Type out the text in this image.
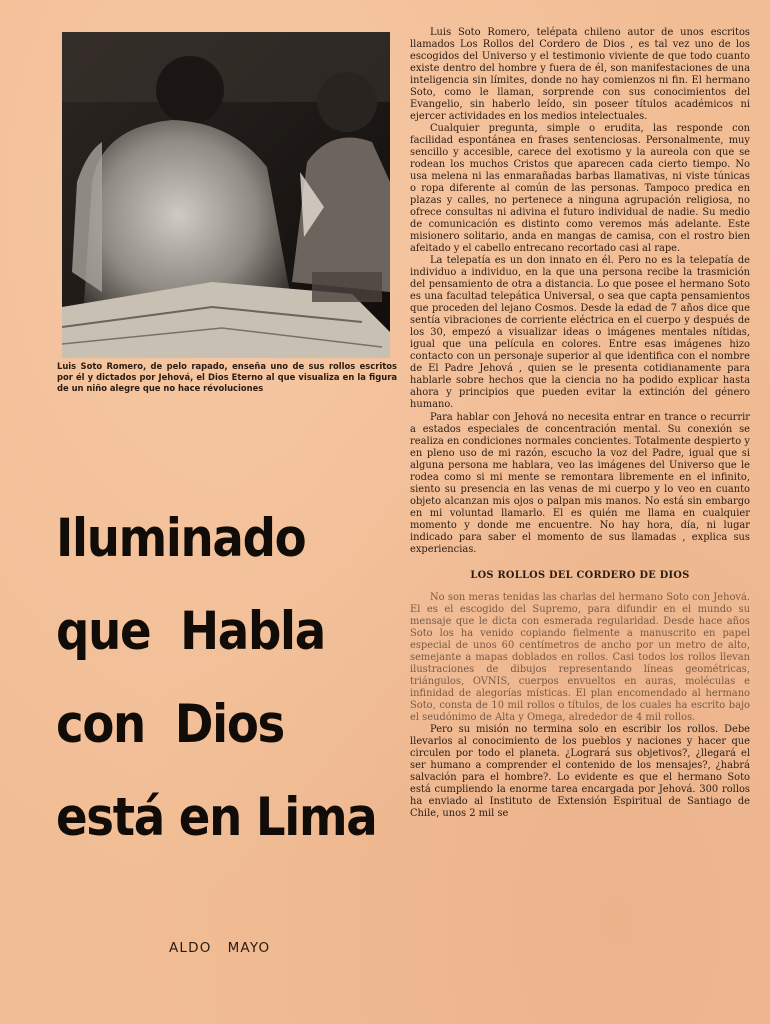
Luis Soto Romero, de pelo rapado, enseña uno de sus rollos escritos por él y dictados por Jehová, el Dios Eterno al que visualiza en la figura de un niño alegre que no hace révoluciones
Iluminado
que  Habla
con  Dios
está en Lima
ALDO MAYO

Luis Soto Romero, telépata chileno autor de unos escritos llamados Los Rollos del Cordero de Dios , es tal vez uno de los escogidos del Universo y el testimonio viviente de que todo cuanto existe dentro del hombre y fuera de él, son manifestaciones de una inteligencia sin límites, donde no hay comienzos ni fin. El hermano Soto, como le llaman, sorprende con sus conocimientos del Evangelio, sin haberlo leído, sin poseer títulos académicos ni ejercer actividades en los medios intelectuales.

Cualquier pregunta, simple o erudita, las responde con facilidad espontánea en frases sentenciosas. Personalmente, muy sencillo y accesible, carece del exotismo y la aureola con que se rodean los muchos Cristos que aparecen cada cierto tiempo. No usa melena ni las enmarañadas barbas llamativas, ni viste túnicas o ropa diferente al común de las personas. Tampoco predica en plazas y calles, no pertenece a ninguna agrupación religiosa, no ofrece consultas ni adivina el futuro individual de nadie. Su medio de comunicación es distinto como veremos más adelante. Este misionero solitario, anda en mangas de camisa, con el rostro bien afeitado y el cabello entrecano recortado casi al rape.

La telepatía es un don innato en él. Pero no es la telepatía de individuo a individuo, en la que una persona recibe la trasmición del pensamiento de otra a distancia. Lo que posee el hermano Soto es una facultad telepática Universal, o sea que capta pensamientos que proceden del lejano Cosmos. Desde la edad de 7 años dice que sentía vibraciones de corriente eléctrica en el cuerpo y después de los 30, empezó a visualizar ideas o imágenes mentales nítidas, igual que una película en colores. Entre esas imágenes hizo contacto con un personaje superior al que identifica con el nombre de El Padre Jehová , quien se le presenta cotidianamente para hablarle sobre hechos que la ciencia no ha podido explicar hasta ahora y principios que pueden evitar la extinción del género humano.

Para hablar con Jehová no necesita entrar en trance o recurrir a estados especiales de concentración mental. Su conexión se realiza en condiciones normales concientes. Totalmente despierto y en pleno uso de mi razón, escucho la voz del Padre, igual que si alguna persona me hablara, veo las imágenes del Universo que le rodea como si mi mente se remontara libremente en el infinito, siento su presencia en las venas de mi cuerpo y lo veo en cuanto objeto alcanzan mis ojos o palpan mis manos. No está sin embargo en mi voluntad llamarlo. El es quién me llama en cualquier momento y donde me encuentre. No hay hora, día, ni lugar indicado para saber el momento de sus llamadas , explica sus experiencias.

LOS ROLLOS DEL CORDERO DE DIOS

No son meras tenidas las charlas del hermano Soto con Jehová. El es el escogido del Supremo, para difundir en el mundo su mensaje que le dicta con esmerada regularidad. Desde hace años Soto los ha venido copiando fielmente a manuscrito en papel especial de unos 60 centímetros de ancho por un metro de alto, semejante a mapas doblados en rollos. Casi todos los rollos llevan ilustraciones de dibujos representando líneas geométricas, triángulos, OVNIS, cuerpos envueltos en auras, moléculas e infinidad de alegorías místicas. El plan encomendado al hermano Soto, consta de 10 mil rollos o títulos, de los cuales ha escrito bajo el seudónimo de Alta y Omega, alrededor de 4 mil rollos.

Pero su misión no termina solo en escribir los rollos. Debe llevarlos al conocimiento de los pueblos y naciones y hacer que circulen por todo el planeta. ¿Logrará sus objetivos?, ¿llegará el ser humano a comprender el contenido de los mensajes?, ¿habrá salvación para el hombre?. Lo evidente es que el hermano Soto está cumpliendo la enorme tarea encargada por Jehová. 300 rollos ha enviado al Instituto de Extensión Espiritual de Santiago de Chile, unos 2 mil se
